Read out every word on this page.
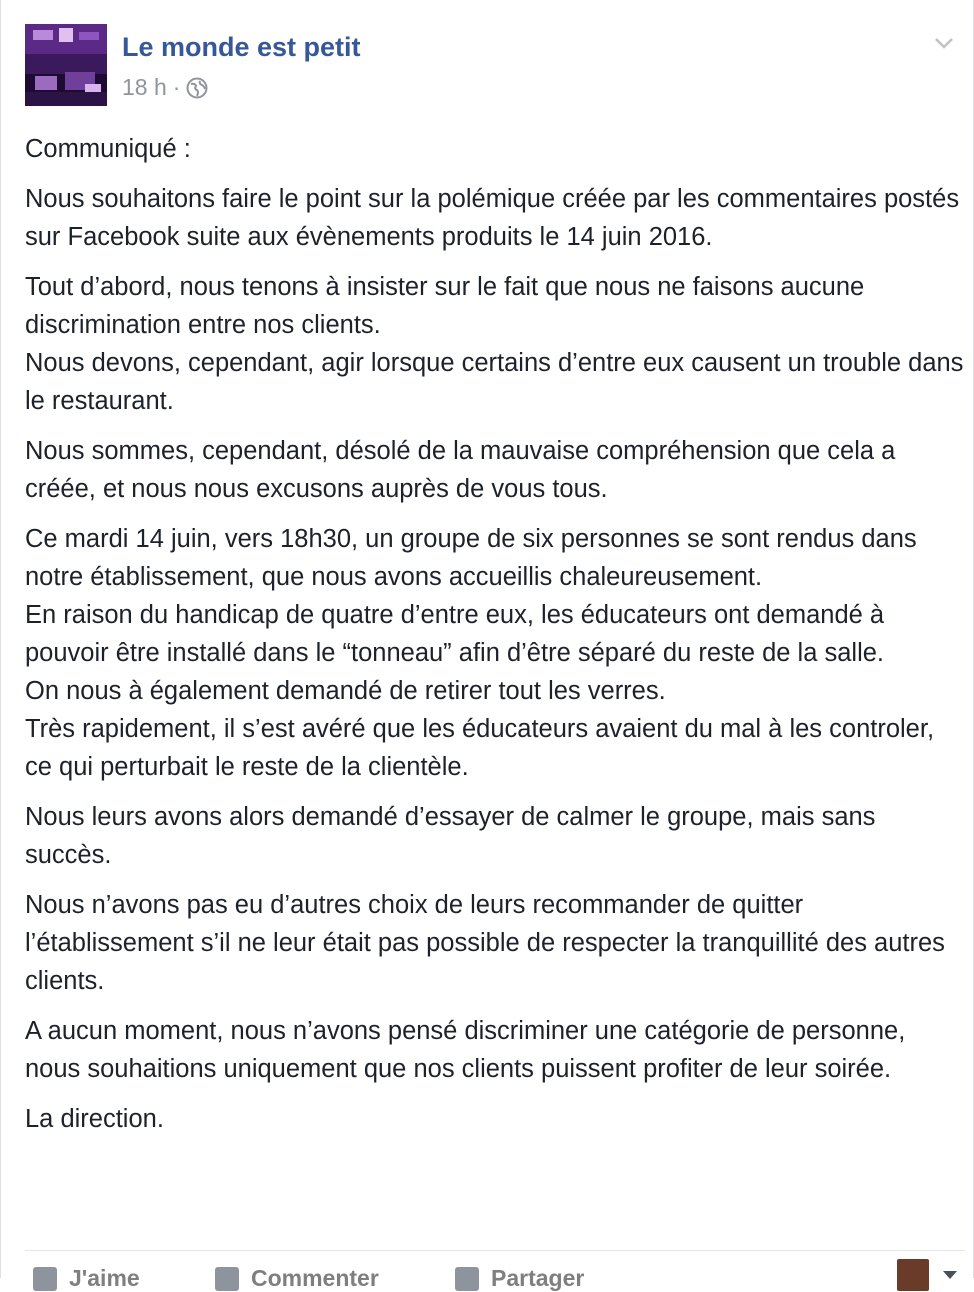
Le monde est petit
18 h ·

Communiqué :

Nous souhaitons faire le point sur la polémique créée par les commentaires postés sur Facebook suite aux évènements produits le 14 juin 2016.

Tout d’abord, nous tenons à insister sur le fait que nous ne faisons aucune discrimination entre nos clients.
Nous devons, cependant, agir lorsque certains d’entre eux causent un trouble dans le restaurant.

Nous sommes, cependant, désolé de la mauvaise compréhension que cela a créée, et nous nous excusons auprès de vous tous.

Ce mardi 14 juin, vers 18h30, un groupe de six personnes se sont rendus dans notre établissement, que nous avons accueillis chaleureusement.
En raison du handicap de quatre d’entre eux, les éducateurs ont demandé à pouvoir être installé dans le “tonneau” afin d’être séparé du reste de la salle.
On nous à également demandé de retirer tout les verres.
Très rapidement, il s’est avéré que les éducateurs avaient du mal à les controler, ce qui perturbait le reste de la clientèle.

Nous leurs avons alors demandé d’essayer de calmer le groupe, mais sans succès.

Nous n’avons pas eu d’autres choix de leurs recommander de quitter l’établissement s’il ne leur était pas possible de respecter la tranquillité des autres clients.

A aucun moment, nous n’avons pensé discriminer une catégorie de personne, nous souhaitions uniquement que nos clients puissent profiter de leur soirée.

La direction.

J'aime	Commenter	Partager
